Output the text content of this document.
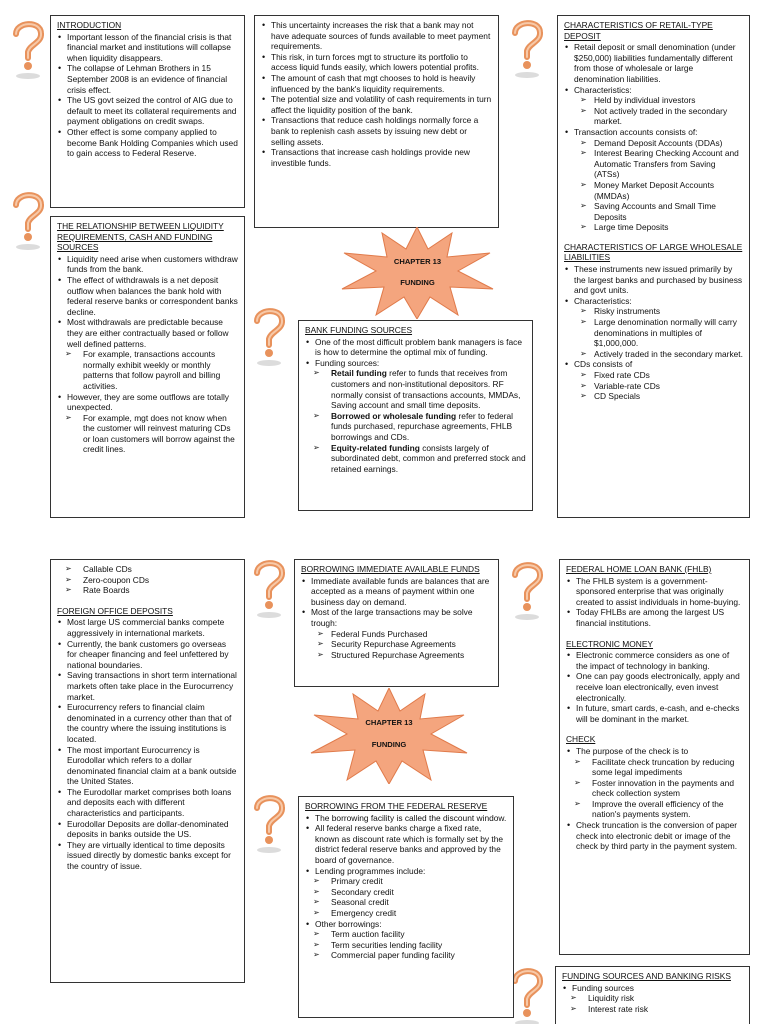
INTRODUCTION
• Important lesson of the financial crisis is that financial market and institutions will collapse when liquidity disappears.
• The collapse of Lehman Brothers in 15 September 2008 is an evidence of financial crisis effect.
• The US govt seized the control of AIG due to default to meet its collateral requirements and payment obligations on credit swaps.
• Other effect is some company applied to become Bank Holding Companies which used to gain access to Federal Reserve.
• This uncertainty increases the risk that a bank may not have adequate sources of funds available to meet payment requirements.
• This risk, in turn forces mgt to structure its portfolio to access liquid funds easily, which lowers potential profits.
• The amount of cash that mgt chooses to hold is heavily influenced by the bank's liquidity requirements.
• The potential size and volatility of cash requirements in turn affect the liquidity position of the bank.
• Transactions that reduce cash holdings normally force a bank to replenish cash assets by issuing new debt or selling assets.
• Transactions that increase cash holdings provide new investible funds.
CHARACTERISTICS OF RETAIL-TYPE DEPOSIT
• Retail deposit or small denomination (under $250,000) liabilities fundamentally different from those of wholesale or large denomination liabilities.
• Characteristics:
➢ Held by individual investors
➢ Not actively traded in the secondary market.
• Transaction accounts consists of:
➢ Demand Deposit Accounts (DDAs)
➢ Interest Bearing Checking Account and Automatic Transfers from Saving (ATSs)
➢ Money Market Deposit Accounts (MMDAs)
➢ Saving Accounts and Small Time Deposits
➢ Large time Deposits
CHARACTERISTICS OF LARGE WHOLESALE LIABILITIES
• These instruments new issued primarily by the largest banks and purchased by business and govt units.
• Characteristics:
➢ Risky instruments
➢ Large denomination normally will carry denominations in multiples of $1,000,000.
➢ Actively traded in the secondary market.
• CDs consists of
➢ Fixed rate CDs
➢ Variable-rate CDs
➢ CD Specials
THE RELATIONSHIP BETWEEN LIQUIDITY REQUIREMENTS, CASH AND FUNDING SOURCES
• Liquidity need arise when customers withdraw funds from the bank.
• The effect of withdrawals is a net deposit outflow when balances the bank hold with federal reserve banks or correspondent banks decline.
• Most withdrawals are predictable because they are either contractually based or follow well defined patterns.
➢ For example, transactions accounts normally exhibit weekly or monthly patterns that follow payroll and billing activities.
• However, they are some outflows are totally unexpected.
➢ For example, mgt does not know when the customer will reinvest maturing CDs or loan customers will borrow against the credit lines.
CHAPTER 13
FUNDING
BANK FUNDING SOURCES
• One of the most difficult problem bank managers is face is how to determine the optimal mix of funding.
• Funding sources:
➢ Retail funding refer to funds that receives from customers and non-institutional depositors. RF normally consist of transactions accounts, MMDAs, Saving account and small time deposits.
➢ Borrowed or wholesale funding refer to federal funds purchased, repurchase agreements, FHLB borrowings and CDs.
➢ Equity-related funding consists largely of subordinated debt, common and preferred stock and retained earnings.
➢ Callable CDs
➢ Zero-coupon CDs
➢ Rate Boards
FOREIGN OFFICE DEPOSITS
• Most large US commercial banks compete aggressively in international markets.
• Currently, the bank customers go overseas for cheaper financing and feel unfettered by national boundaries.
• Saving transactions in short term international markets often take place in the Eurocurrency market.
• Eurocurrency refers to financial claim denominated in a currency other than that of the country where the issuing institutions is located.
• The most important Eurocurrency is Eurodollar which refers to a dollar denominated financial claim at a bank outside the United States.
• The Eurodollar market comprises both loans and deposits each with different characteristics and participants.
• Eurodollar Deposits are dollar-denominated deposits in banks outside the US.
• They are virtually identical to time deposits issued directly by domestic banks except for the country of issue.
BORROWING IMMEDIATE AVAILABLE FUNDS
• Immediate available funds are balances that are accepted as a means of payment within one business day on demand.
• Most of the large transactions may be solve trough:
➢ Federal Funds Purchased
➢ Security Repurchase Agreements
➢ Structured Repurchase Agreements
CHAPTER 13
FUNDING
BORROWING FROM THE FEDERAL RESERVE
• The borrowing facility is called the discount window.
• All federal reserve banks charge a fixed rate, known as discount rate which is formally set by the district federal reserve banks and approved by the board of governance.
• Lending programmes include:
➢ Primary credit
➢ Secondary credit
➢ Seasonal credit
➢ Emergency credit
• Other borrowings:
➢ Term auction facility
➢ Term securities lending facility
➢ Commercial paper funding facility
FEDERAL HOME LOAN BANK (FHLB)
• The FHLB system is a government-sponsored enterprise that was originally created to assist individuals in home-buying.
• Today FHLBs are among the largest US financial institutions.
ELECTRONIC MONEY
• Electronic commerce considers as one of the impact of technology in banking.
• One can pay goods electronically, apply and receive loan electronically, even invest electronically.
• In future, smart cards, e-cash, and e-checks will be dominant in the market.
CHECK
• The purpose of the check is to
➢ Facilitate check truncation by reducing some legal impediments
➢ Foster innovation in the payments and check collection system
➢ Improve the overall efficiency of the nation's payments system.
• Check truncation is the conversion of paper check into electronic debit or image of the check by third party in the payment system.
FUNDING SOURCES AND BANKING RISKS
• Funding sources
➢ Liquidity risk
➢ Interest rate risk
